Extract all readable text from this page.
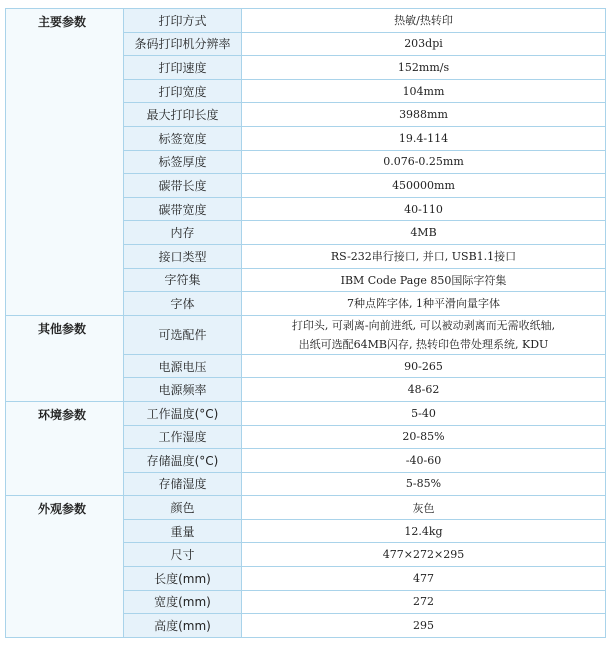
主要参数	打印方式	热敏/热转印
	条码打印机分辨率	203dpi
	打印速度	152mm/s
	打印宽度	104mm
	最大打印长度	3988mm
	标签宽度	19.4-114
	标签厚度	0.076-0.25mm
	碳带长度	450000mm
	碳带宽度	40-110
	内存	4MB
	接口类型	RS-232串行接口, 并口, USB1.1接口
	字符集	IBM Code Page 850国际字符集
	字体	7种点阵字体, 1种平滑向量字体
其他参数	可选配件	打印头, 可剥离-向前进纸, 可以被动剥离而无需收纸轴,
出纸可选配64MB闪存, 热转印色带处理系统, KDU

	电源电压	90-265
	电源频率	48-62
环境参数	工作温度(°C)	5-40
	工作湿度	20-85%
	存储温度(°C)	-40-60
	存储湿度	5-85%
外观参数	颜色	灰色
	重量	12.4kg
	尺寸	477×272×295
	长度(mm)	477
	宽度(mm)	272
	高度(mm)	295
